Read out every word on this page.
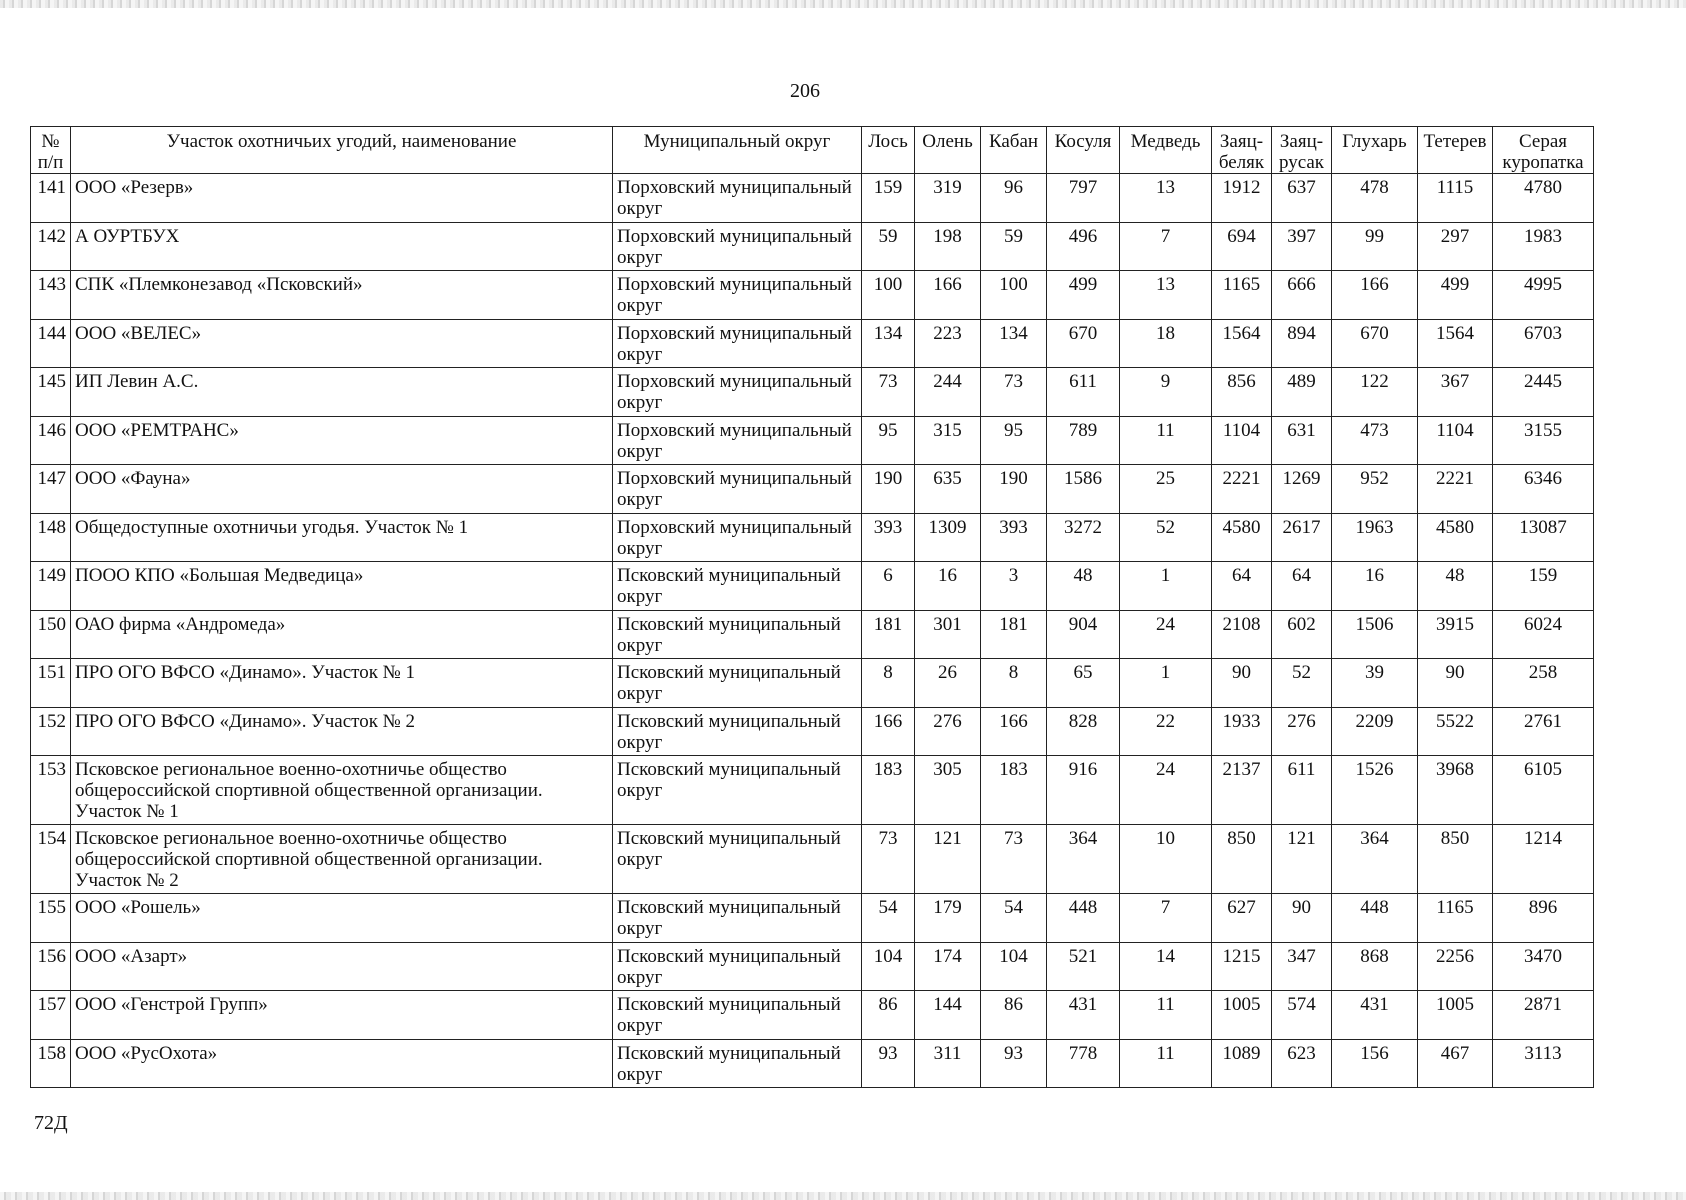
206
№ п/п	Участок охотничьих угодий, наименование	Муниципальный округ	Лось	Олень	Кабан	Косуля	Медведь	Заяц-беляк	Заяц-русак	Глухарь	Тетерев	Серая куропатка
141	ООО «Резерв»	Порховский муниципальный округ	159	319	96	797	13	1912	637	478	1115	4780
142	А ОУРТБУХ	Порховский муниципальный округ	59	198	59	496	7	694	397	99	297	1983
143	СПК «Племконезавод «Псковский»	Порховский муниципальный округ	100	166	100	499	13	1165	666	166	499	4995
144	ООО «ВЕЛЕС»	Порховский муниципальный округ	134	223	134	670	18	1564	894	670	1564	6703
145	ИП Левин А.С.	Порховский муниципальный округ	73	244	73	611	9	856	489	122	367	2445
146	ООО «РЕМТРАНС»	Порховский муниципальный округ	95	315	95	789	11	1104	631	473	1104	3155
147	ООО «Фауна»	Порховский муниципальный округ	190	635	190	1586	25	2221	1269	952	2221	6346
148	Общедоступные охотничьи угодья. Участок № 1	Порховский муниципальный округ	393	1309	393	3272	52	4580	2617	1963	4580	13087
149	ПООО КПО «Большая Медведица»	Псковский муниципальный округ	6	16	3	48	1	64	64	16	48	159
150	ОАО фирма «Андромеда»	Псковский муниципальный округ	181	301	181	904	24	2108	602	1506	3915	6024
151	ПРО ОГО ВФСО «Динамо». Участок № 1	Псковский муниципальный округ	8	26	8	65	1	90	52	39	90	258
152	ПРО ОГО ВФСО «Динамо». Участок № 2	Псковский муниципальный округ	166	276	166	828	22	1933	276	2209	5522	2761
153	Псковское региональное военно-охотничье общество общероссийской спортивной общественной организации. Участок № 1	Псковский муниципальный округ	183	305	183	916	24	2137	611	1526	3968	6105
154	Псковское региональное военно-охотничье общество общероссийской спортивной общественной организации. Участок № 2	Псковский муниципальный округ	73	121	73	364	10	850	121	364	850	1214
155	ООО «Рошель»	Псковский муниципальный округ	54	179	54	448	7	627	90	448	1165	896
156	ООО «Азарт»	Псковский муниципальный округ	104	174	104	521	14	1215	347	868	2256	3470
157	ООО «Генстрой Групп»	Псковский муниципальный округ	86	144	86	431	11	1005	574	431	1005	2871
158	ООО «РусОхота»	Псковский муниципальный округ	93	311	93	778	11	1089	623	156	467	3113
72Д
